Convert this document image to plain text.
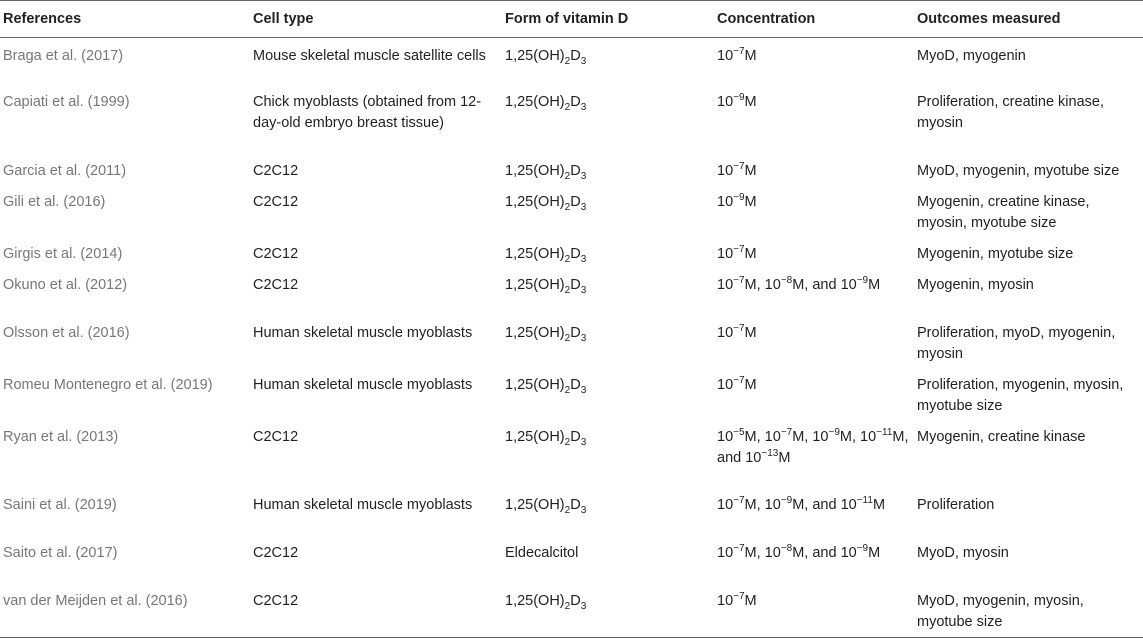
References	Cell type	Form of vitamin D	Concentration	Outcomes measured
Braga et al. (2017)	Mouse skeletal muscle satellite cells	$1,25(OH)_2D_3$	$10^{-7}M$	MyoD, myogenin
Capiati et al. (1999)	Chick myoblasts (obtained from 12-day-old embryo breast tissue)	$1,25(OH)_2D_3$	$10^{-9}M$	Proliferation, creatine kinase, myosin
Garcia et al. (2011)	C2C12	$1,25(OH)_2D_3$	$10^{-7}M$	MyoD, myogenin, myotube size
Gili et al. (2016)	C2C12	$1,25(OH)_2D_3$	$10^{-9}M$	Myogenin, creatine kinase, myosin, myotube size
Girgis et al. (2014)	C2C12	$1,25(OH)_2D_3$	$10^{-7}M$	Myogenin, myotube size
Okuno et al. (2012)	C2C12	$1,25(OH)_2D_3$	$10^{-7}M$, $10^{-8}M$, and $10^{-9}M$	Myogenin, myosin
Olsson et al. (2016)	Human skeletal muscle myoblasts	$1,25(OH)_2D_3$	$10^{-7}M$	Proliferation, myoD, myogenin, myosin
Romeu Montenegro et al. (2019)	Human skeletal muscle myoblasts	$1,25(OH)_2D_3$	$10^{-7}M$	Proliferation, myogenin, myosin, myotube size
Ryan et al. (2013)	C2C12	$1,25(OH)_2D_3$	$10^{-5}M$, $10^{-7}M$, $10^{-9}M$, $10^{-11}M$, and $10^{-13}M$	Myogenin, creatine kinase
Saini et al. (2019)	Human skeletal muscle myoblasts	$1,25(OH)_2D_3$	$10^{-7}M$, $10^{-9}M$, and $10^{-11}M$	Proliferation
Saito et al. (2017)	C2C12	Eldecalcitol	$10^{-7}M$, $10^{-8}M$, and $10^{-9}M$	MyoD, myosin
van der Meijden et al. (2016)	C2C12	$1,25(OH)_2D_3$	$10^{-7}M$	MyoD, myogenin, myosin, myotube size
